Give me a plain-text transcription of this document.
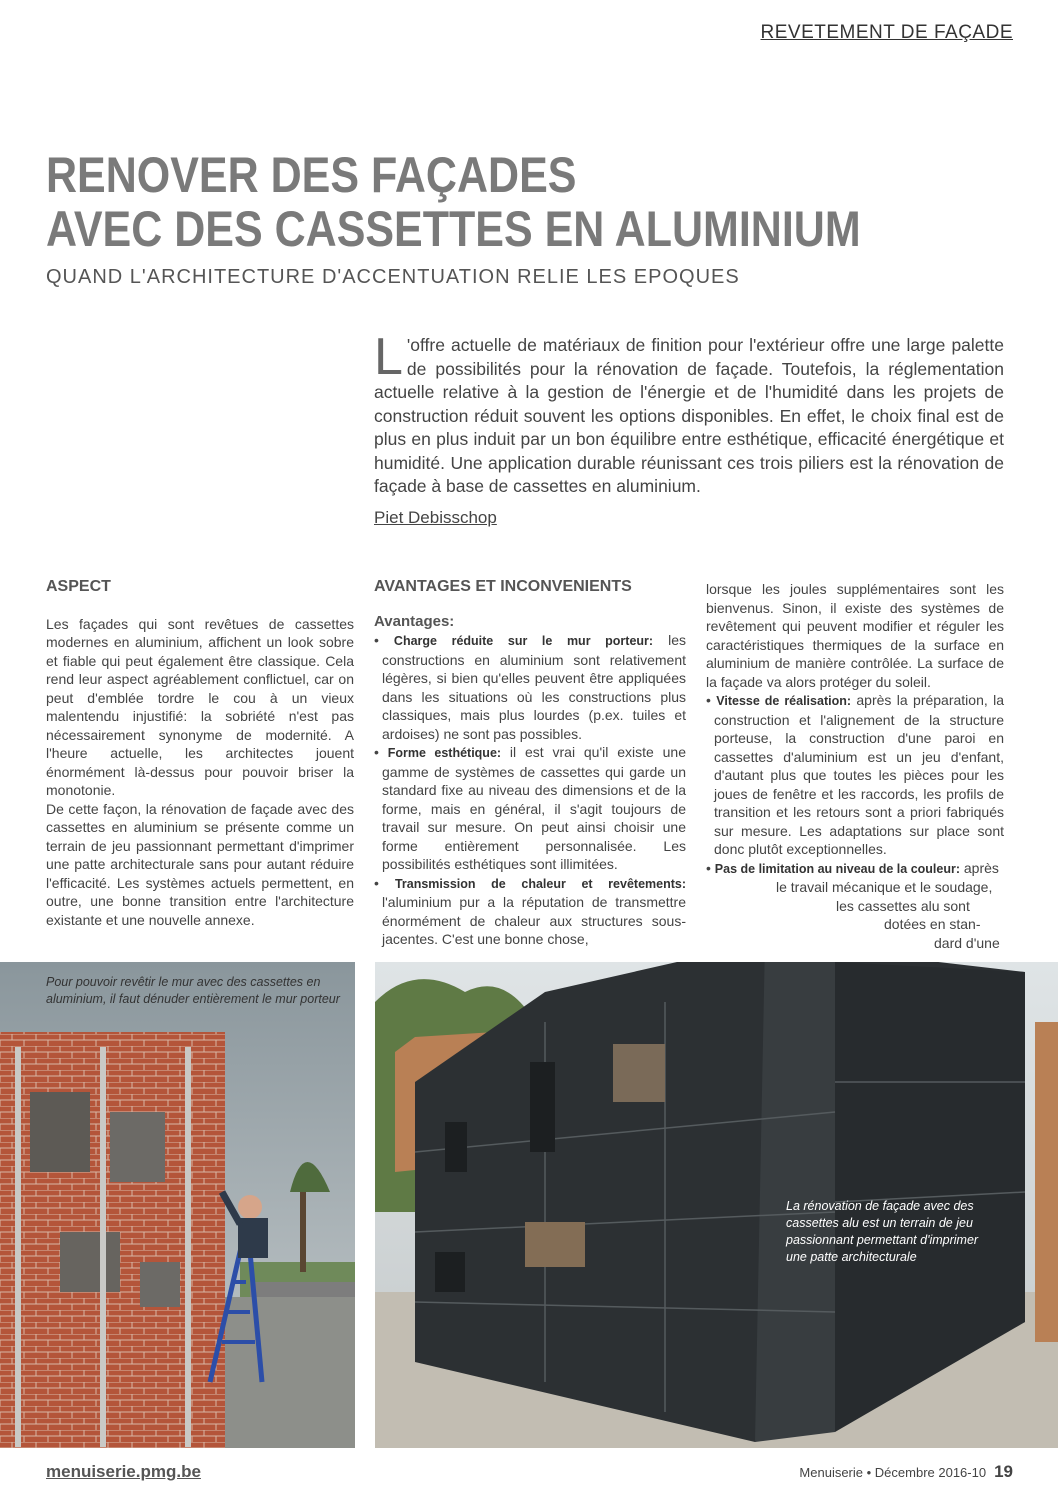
REVETEMENT DE FAÇADE
RENOVER DES FAÇADES
AVEC DES CASSETTES EN ALUMINIUM
QUAND L'ARCHITECTURE D'ACCENTUATION RELIE LES EPOQUES
L 'offre actuelle de matériaux de finition pour l'extérieur offre une large palette de possibilités pour la rénovation de façade. Toutefois, la réglementation actuelle relative à la gestion de l'énergie et de l'humidité dans les projets de construction réduit souvent les options disponibles. En effet, le choix final est de plus en plus induit par un bon équilibre entre esthétique, efficacité énergétique et humidité. Une application durable réunissant ces trois piliers est la rénovation de façade à base de cassettes en aluminium.

Piet Debisschop
ASPECT

Les façades qui sont revêtues de cassettes modernes en aluminium, affichent un look sobre et fiable qui peut également être classique. Cela rend leur aspect agréablement conflictuel, car on peut d'emblée tordre le cou à un vieux malentendu injustifié: la sobriété n'est pas nécessairement synonyme de modernité. A l'heure actuelle, les architectes jouent énormément là-dessus pour pouvoir briser la monotonie.

De cette façon, la rénovation de façade avec des cassettes en aluminium se présente comme un terrain de jeu passionnant permettant d'imprimer une patte architecturale sans pour autant réduire l'efficacité. Les systèmes actuels permettent, en outre, une bonne transition entre l'architecture existante et une nouvelle annexe.

AVANTAGES ET INCONVENIENTS
Avantages:

• Charge réduite sur le mur porteur: les constructions en aluminium sont relativement légères, si bien qu'elles peuvent être appliquées dans les situations où les constructions plus classiques, mais plus lourdes (p.ex. tuiles et ardoises) ne sont pas possibles.

• Forme esthétique: il est vrai qu'il existe une gamme de systèmes de cassettes qui garde un standard fixe au niveau des dimensions et de la forme, mais en général, il s'agit toujours de travail sur mesure. On peut ainsi choisir une forme entièrement personnalisée. Les possibilités esthétiques sont illimitées.

• Transmission de chaleur et revêtements: l'aluminium pur a la réputation de transmettre énormément de chaleur aux structures sous-jacentes. C'est une bonne chose,

lorsque les joules supplémentaires sont les bienvenus. Sinon, il existe des systèmes de revêtement qui peuvent modifier et réguler les caractéristiques thermiques de la surface en aluminium de manière contrôlée. La surface de la façade va alors protéger du soleil.

• Vitesse de réalisation: après la préparation, la construction et l'alignement de la structure porteuse, la construction d'une paroi en cassettes d'aluminium est un jeu d'enfant, d'autant plus que toutes les pièces pour les joues de fenêtre et les raccords, les profils de transition et les retours sont a priori fabriqués sur mesure. Les adaptations sur place sont donc plutôt exceptionnelles.

• Pas de limitation au niveau de la couleur: après

le travail mécanique et le soudage,

les cassettes alu sont

dotées en stan-

dard d'une

Pour pouvoir revêtir le mur avec des cassettes en aluminium, il faut dénuder entièrement le mur porteur
La rénovation de façade avec des cassettes alu est un terrain de jeu passionnant permettant d'imprimer une patte architecturale
menuiserie.pmg.be	Menuiserie • Décembre 2016-10 19
